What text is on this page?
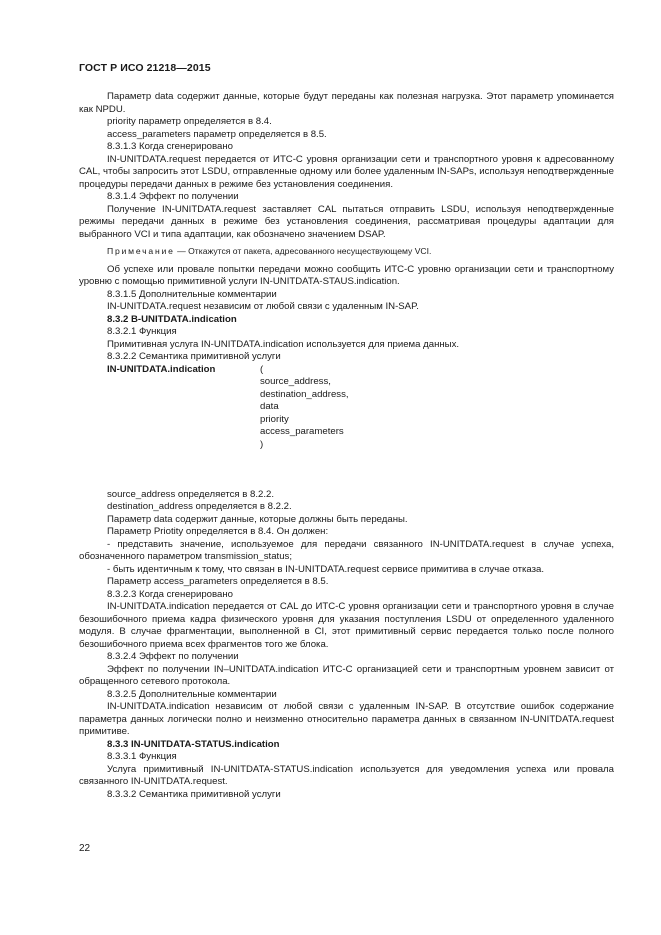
ГОСТ Р ИСО 21218—2015

Параметр data содержит данные, которые будут переданы как полезная нагрузка. Этот параметр упоминается как NPDU.

priority параметр определяется в 8.4.

access_parameters параметр определяется в 8.5.

8.3.1.3 Когда сгенерировано

IN-UNITDATA.request передается от ИТС-С уровня организации сети и транспортного уровня к адресованному CAL, чтобы запросить этот LSDU, отправленные одному или более удаленным IN-SAPs, используя неподтвержденные процедуры передачи данных в режиме без установления соединения.

8.3.1.4 Эффект по получении

Получение IN-UNITDATA.request заставляет CAL пытаться отправить LSDU, используя неподтвержденные режимы передачи данных в режиме без установления соединения, рассматривая процедуры адаптации для выбранного VCI и типа адаптации, как обозначено значением DSAP.

Примечание — Откажутся от пакета, адресованного несуществующему VCI.

Об успехе или провале попытки передачи можно сообщить ИТС-С уровню организации сети и транспортному уровню с помощью примитивной услуги IN-UNITDATA-STAUS.indication.

8.3.1.5 Дополнительные комментарии

IN-UNITDATA.request независим от любой связи с удаленным IN-SAP.

8.3.2 B-UNITDATA.indication

8.3.2.1 Функция

Примитивная услуга IN-UNITDATA.indication используется для приема данных.

8.3.2.2 Семантика примитивной услуги

IN-UNITDATA.indication	(
source_address,
destination_address,
data
priority
access_parameters
)

source_address определяется в 8.2.2.

destination_address определяется в 8.2.2.

Параметр data содержит данные, которые должны быть переданы.

Параметр Priotity определяется в 8.4. Он должен:

- представить значение, используемое для передачи связанного IN-UNITDATA.request в случае успеха, обозначенного параметром transmission_status;

- быть идентичным к тому, что связан в IN-UNITDATA.request сервисе примитива в случае отказа.

Параметр access_parameters определяется в 8.5.

8.3.2.3 Когда сгенерировано

IN-UNITDATA.indication передается от CAL до ИТС-С уровня организации сети и транспортного уровня в случае безошибочного приема кадра физического уровня для указания поступления LSDU от определенного удаленного модуля. В случае фрагментации, выполненной в CI, этот примитивный сервис передается только после полного безошибочного приема всех фрагментов того же блока.

8.3.2.4 Эффект по получении

Эффект по получении IN–UNITDATA.indication ИТС-С организацией сети и транспортным уровнем зависит от обращенного сетевого протокола.

8.3.2.5 Дополнительные комментарии

IN-UNITDATA.indication независим от любой связи с удаленным IN-SAP. В отсутствие ошибок содержание параметра данных логически полно и неизменно относительно параметра данных в связанном IN-UNITDATA.request примитиве.

8.3.3 IN-UNITDATA-STATUS.indication

8.3.3.1 Функция

Услуга примитивный IN-UNITDATA-STATUS.indication используется для уведомления успеха или провала связанного IN-UNITDATA.request.

8.3.3.2 Семантика примитивной услуги

22
